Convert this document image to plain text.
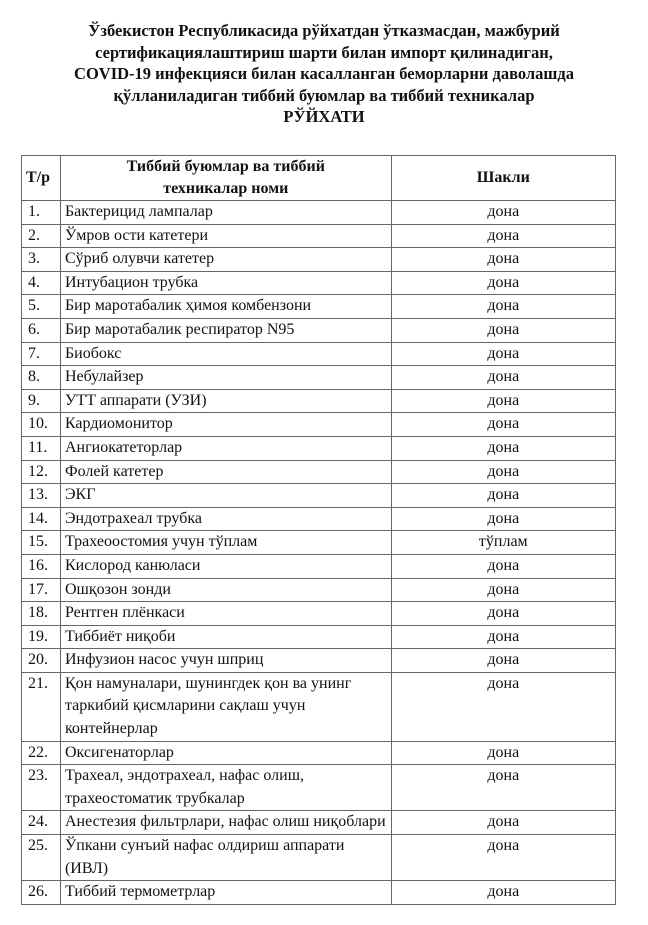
Ўзбекистон Республикасида рўйхатдан ўтказмасдан, мажбурий
сертификациялаштириш шарти билан импорт қилинадиган,
COVID-19 инфекцияси билан касалланган беморларни даволашда
қўлланиладиган тиббий буюмлар ва тиббий техникалар
РЎЙХАТИ
Т/р	Тиббий буюмлар ва тиббий техникалар номи	Шакли
1.	Бактерицид лампалар	дона
2.	Ўмров ости катетери	дона
3.	Сўриб олувчи катетер	дона
4.	Интубацион трубка	дона
5.	Бир маротабалик ҳимоя комбензони	дона
6.	Бир маротабалик респиратор N95	дона
7.	Биобокс	дона
8.	Небулайзер	дона
9.	УТТ аппарати (УЗИ)	дона
10.	Кардиомонитор	дона
11.	Ангиокатеторлар	дона
12.	Фолей катетер	дона
13.	ЭКГ	дона
14.	Эндотрахеал трубка	дона
15.	Трахеоостомия учун тўплам	тўплам
16.	Кислород канюласи	дона
17.	Ошқозон зонди	дона
18.	Рентген плёнкаси	дона
19.	Тиббиёт ниқоби	дона
20.	Инфузион насос учун шприц	дона
21.	Қон намуналари, шунингдек қон ва унинг таркибий қисмларини сақлаш учун контейнерлар	дона
22.	Оксигенаторлар	дона
23.	Трахеал, эндотрахеал, нафас олиш, трахеостоматик трубкалар	дона
24.	Анестезия фильтрлари, нафас олиш ниқоблари	дона
25.	Ўпкани сунъий нафас олдириш аппарати (ИВЛ)	дона
26.	Тиббий термометрлар	дона
